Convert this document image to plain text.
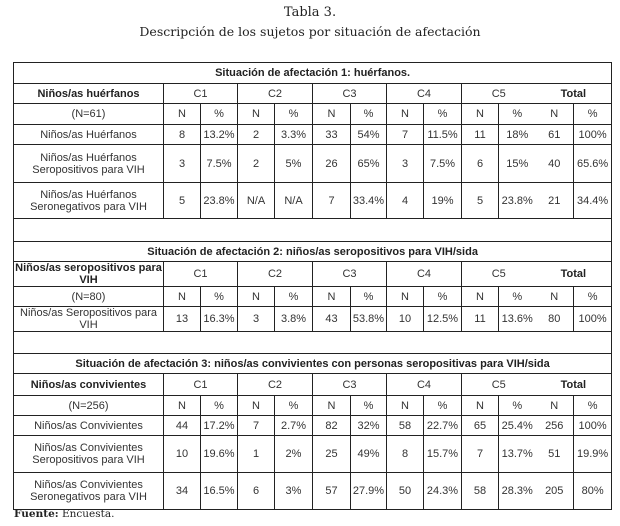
Tabla 3.
Descripción de los sujetos por situación de afectación
Situación de afectación 1: huérfanos.												
Niños/as huérfanos	C1		C2		C3		C4		C5		Total	
(N=61)	N	%	N	%	N	%	N	%	N	%	N	%
Niños/as Huérfanos	8	13.2%	2	3.3%	33	54%	7	11.5%	11	18%	61	100%
Niños/as Huérfanos Seropositivos para VIH	3	7.5%	2	5%	26	65%	3	7.5%	6	15%	40	65.6%
Niños/as Huérfanos Seronegativos para VIH	5	23.8%	N/A	N/A	7	33.4%	4	19%	5	23.8%	21	34.4%

Situación de afectación 2: niños/as seropositivos para VIH/sida												
Niños/as seropositivos para VIH	C1		C2		C3		C4		C5		Total	
(N=80)	N	%	N	%	N	%	N	%	N	%	N	%
Niños/as Seropositivos para VIH	13	16.3%	3	3.8%	43	53.8%	10	12.5%	11	13.6%	80	100%

Situación de afectación 3: niños/as convivientes con personas seropositivas para VIH/sida												
Niños/as convivientes	C1		C2		C3		C4		C5		Total	
(N=256)	N	%	N	%	N	%	N	%	N	%	N	%
Niños/as Convivientes	44	17.2%	7	2.7%	82	32%	58	22.7%	65	25.4%	256	100%
Niños/as Convivientes Seropositivos para VIH	10	19.6%	1	2%	25	49%	8	15.7%	7	13.7%	51	19.9%
Niños/as Convivientes Seronegativos para VIH	34	16.5%	6	3%	57	27.9%	50	24.3%	58	28.3%	205	80%
Fuente: Encuesta.
